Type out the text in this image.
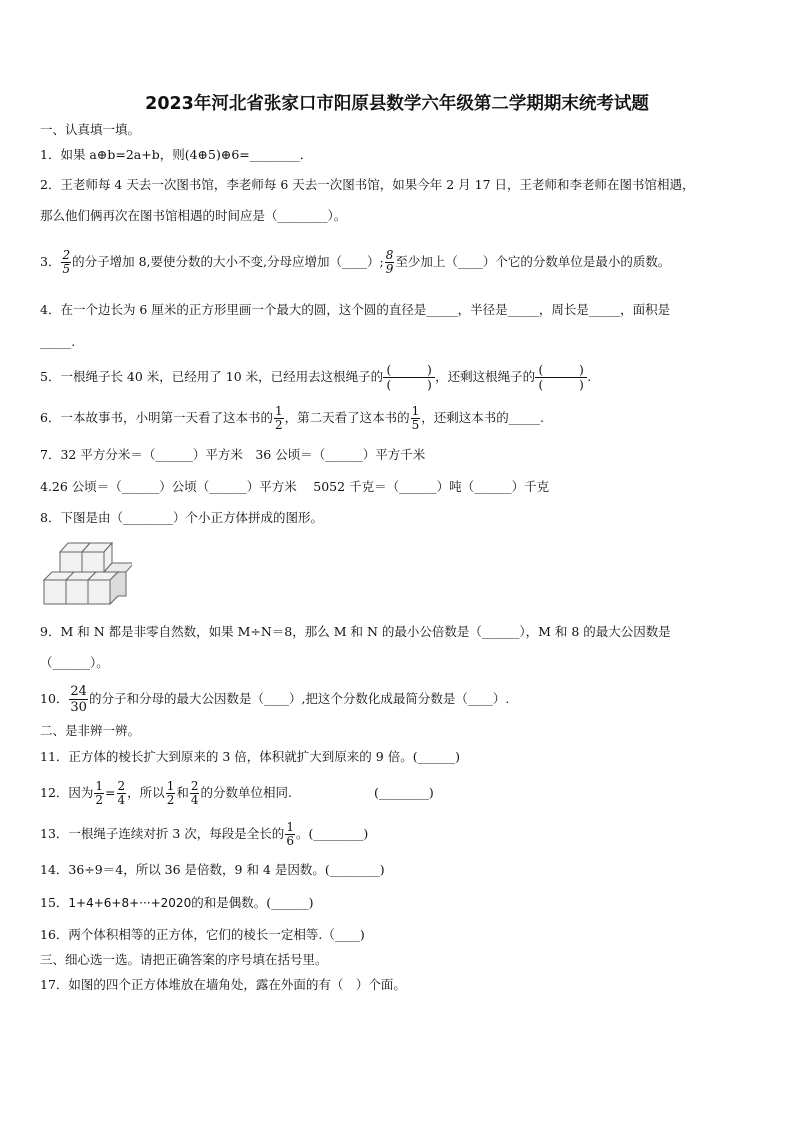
2023年河北省张家口市阳原县数学六年级第二学期期末统考试题
一、认真填一填。
1．如果 a⊕b=2a+b，则(4⊕5)⊕6=________．
2．王老师每 4 天去一次图书馆，李老师每 6 天去一次图书馆，如果今年 2 月 17 日，王老师和李老师在图书馆相遇，
那么他们俩再次在图书馆相遇的时间应是（________）。
3． $\frac{2}{5}$ 的分子增加 8,要使分数的大小不变,分母应增加（____）; $\frac{8}{9}$ 至少加上（____）个它的分数单位是最小的质数。
4．在一个边长为 6 厘米的正方形里画一个最大的圆，这个圆的直径是_____，半径是_____，周长是_____，面积是
_____.
5．一根绳子长 40 米，已经用了 10 米，已经用去这根绳子的 (　　　)
(　　　)
，还剩这根绳子的 (　　　)
(　　　)
.
6．一本故事书，小明第一天看了这本书的 $\frac{1}{2}$ ，第二天看了这本书的 $\frac{1}{5}$ ，还剩这本书的_____.
7．32 平方分米＝（______）平方米　36 公顷＝（______）平方千米
4.26 公顷＝（______）公顷（______）平方米　 5052 千克＝（______）吨（______）千克
8．下图是由（________）个小正方体拼成的图形。
9．M 和 N 都是非零自然数，如果 M÷N＝8，那么 M 和 N 的最小公倍数是（______），M 和 8 的最大公因数是
（______）。
10． $\frac{24}{30}$ 的分子和分母的最大公因数是（____）,把这个分数化成最简分数是（____）.
二、是非辨一辨。
11．正方体的棱长扩大到原来的 3 倍，体积就扩大到原来的 9 倍。(______)
12．因为 $\frac{1}{2} = \frac{2}{4}$ ，所以 $\frac{1}{2}$ 和 $\frac{2}{4}$ 的分数单位相同.	(________)
13．一根绳子连续对折 3 次，每段是全长的 $\frac{1}{6}$ 。(________)
14．36÷9＝4，所以 36 是倍数，9 和 4 是因数。(________)
15．1+4+6+8+···+2020的和是偶数。(______)
16．两个体积相等的正方体，它们的棱长一定相等.（____)
三、细心选一选。请把正确答案的序号填在括号里。
17．如图的四个正方体堆放在墙角处，露在外面的有（　）个面。
